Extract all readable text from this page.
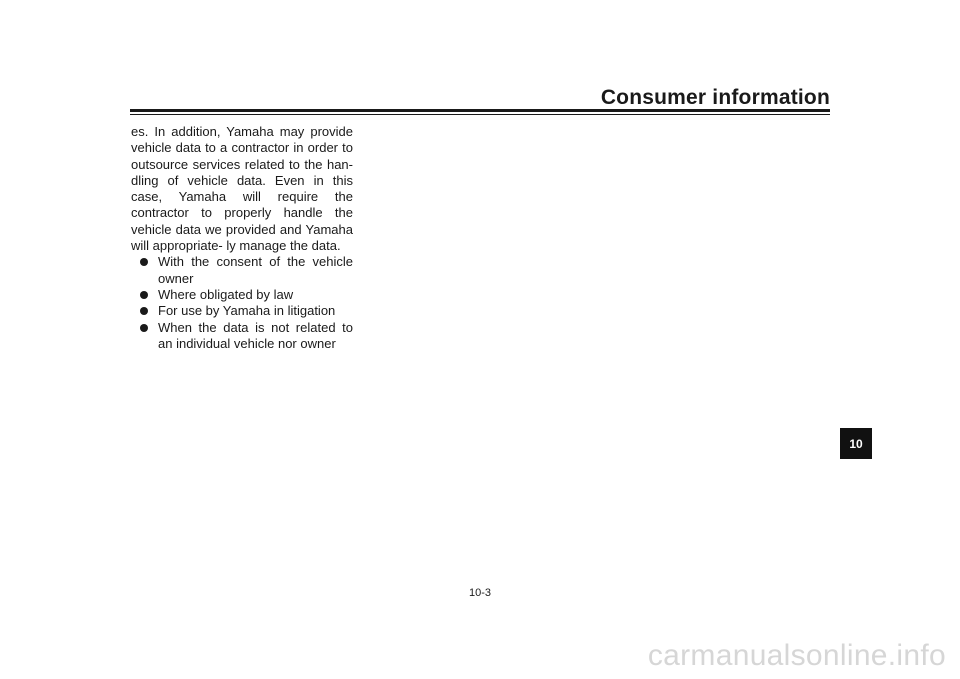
Consumer information

es. In addition, Yamaha may provide vehicle data to a contractor in order to outsource services related to the han- dling of vehicle data. Even in this case, Yamaha will require the contractor to properly handle the vehicle data we provided and Yamaha will appropriate- ly manage the data.

With the consent of the vehicle owner
Where obligated by law
For use by Yamaha in litigation
When the data is not related to an individual vehicle nor owner
10
10-3
carmanualsonline.info
